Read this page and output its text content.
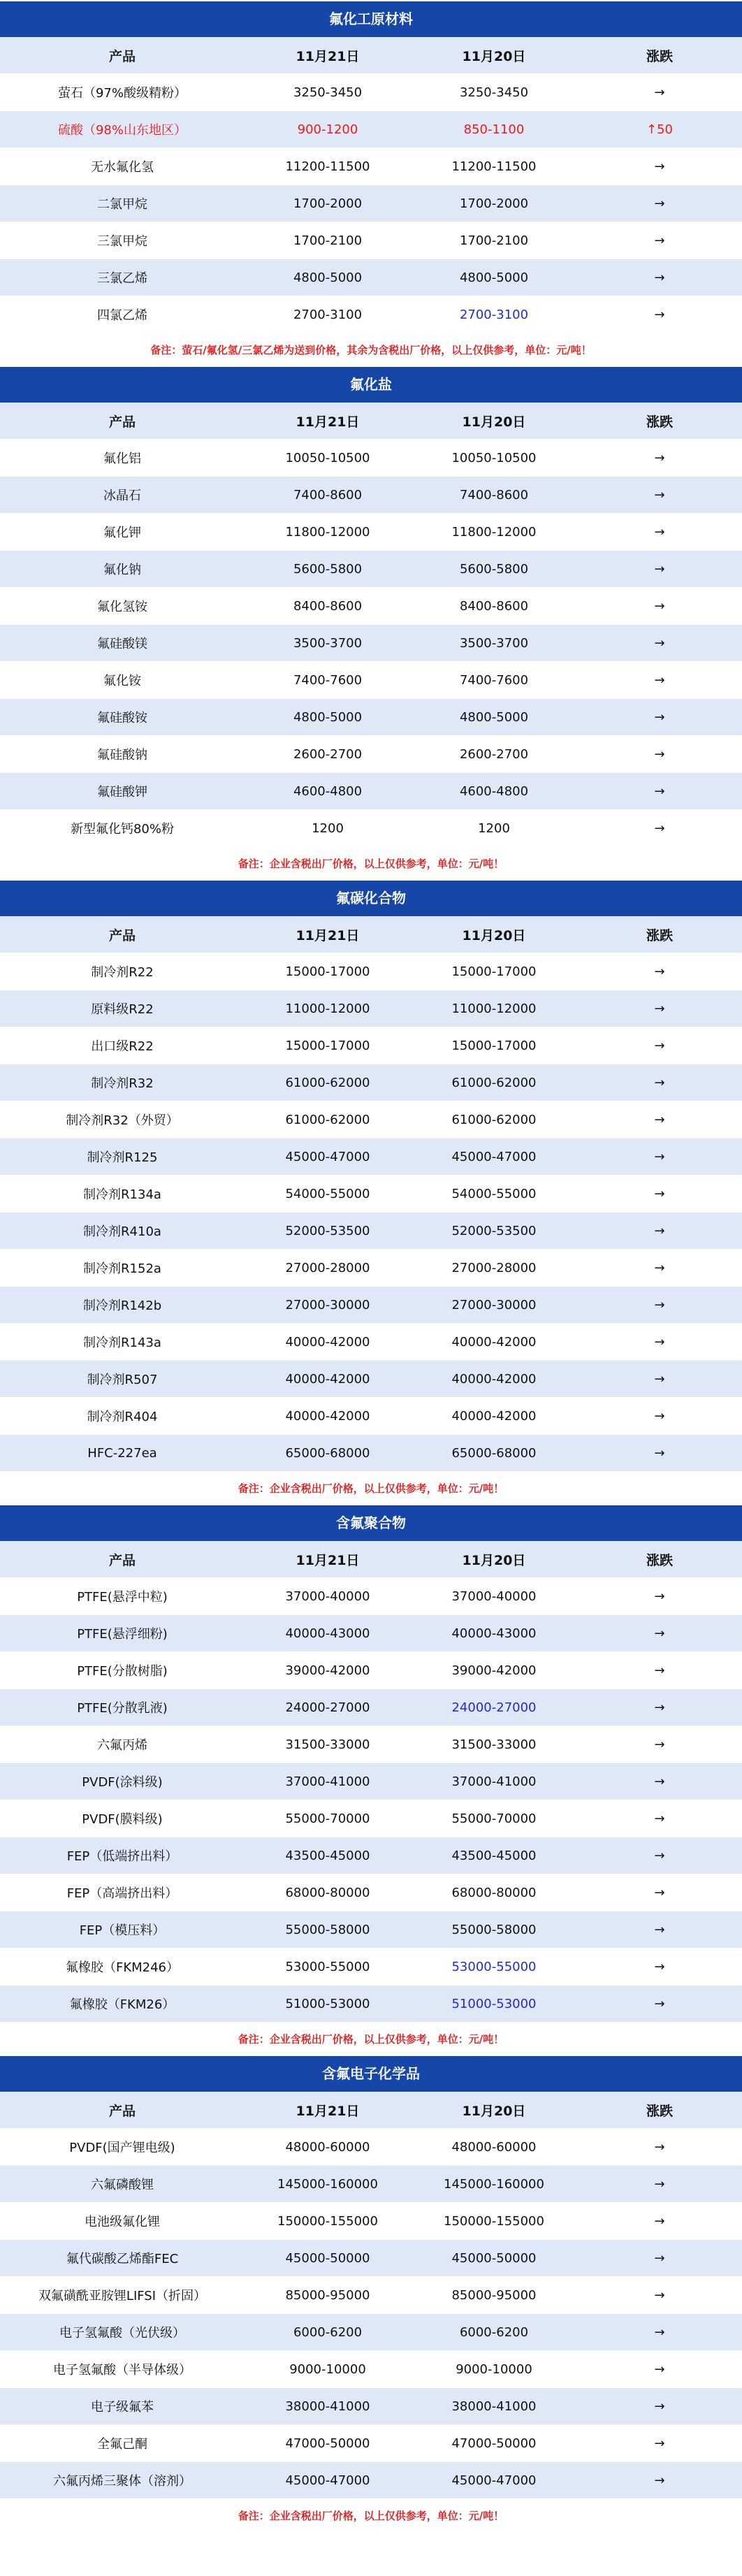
氟化工原材料
产品	11月21日	11月20日	涨跌
萤石（97%酸级精粉）	3250-3450	3250-3450	→
硫酸（98%山东地区）	900-1200	850-1100	↑50
无水氟化氢	11200-11500	11200-11500	→
二氯甲烷	1700-2000	1700-2000	→
三氯甲烷	1700-2100	1700-2100	→
三氯乙烯	4800-5000	4800-5000	→
四氯乙烯	2700-3100	2700-3100	→
备注：萤石/氟化氢/三氯乙烯为送到价格，其余为含税出厂价格，以上仅供参考，单位：元/吨！
氟化盐
产品	11月21日	11月20日	涨跌
氟化铝	10050-10500	10050-10500	→
冰晶石	7400-8600	7400-8600	→
氟化钾	11800-12000	11800-12000	→
氟化钠	5600-5800	5600-5800	→
氟化氢铵	8400-8600	8400-8600	→
氟硅酸镁	3500-3700	3500-3700	→
氟化铵	7400-7600	7400-7600	→
氟硅酸铵	4800-5000	4800-5000	→
氟硅酸钠	2600-2700	2600-2700	→
氟硅酸钾	4600-4800	4600-4800	→
新型氟化钙80%粉	1200	1200	→
备注：企业含税出厂价格，以上仅供参考，单位：元/吨！
氟碳化合物
产品	11月21日	11月20日	涨跌
制冷剂R22	15000-17000	15000-17000	→
原料级R22	11000-12000	11000-12000	→
出口级R22	15000-17000	15000-17000	→
制冷剂R32	61000-62000	61000-62000	→
制冷剂R32（外贸）	61000-62000	61000-62000	→
制冷剂R125	45000-47000	45000-47000	→
制冷剂R134a	54000-55000	54000-55000	→
制冷剂R410a	52000-53500	52000-53500	→
制冷剂R152a	27000-28000	27000-28000	→
制冷剂R142b	27000-30000	27000-30000	→
制冷剂R143a	40000-42000	40000-42000	→
制冷剂R507	40000-42000	40000-42000	→
制冷剂R404	40000-42000	40000-42000	→
HFC-227ea	65000-68000	65000-68000	→
备注：企业含税出厂价格，以上仅供参考，单位：元/吨！
含氟聚合物
产品	11月21日	11月20日	涨跌
PTFE(悬浮中粒)	37000-40000	37000-40000	→
PTFE(悬浮细粉)	40000-43000	40000-43000	→
PTFE(分散树脂)	39000-42000	39000-42000	→
PTFE(分散乳液)	24000-27000	24000-27000	→
六氟丙烯	31500-33000	31500-33000	→
PVDF(涂料级)	37000-41000	37000-41000	→
PVDF(膜料级)	55000-70000	55000-70000	→
FEP（低端挤出料）	43500-45000	43500-45000	→
FEP（高端挤出料）	68000-80000	68000-80000	→
FEP（模压料）	55000-58000	55000-58000	→
氟橡胶（FKM246）	53000-55000	53000-55000	→
氟橡胶（FKM26）	51000-53000	51000-53000	→
备注：企业含税出厂价格，以上仅供参考，单位：元/吨！
含氟电子化学品
产品	11月21日	11月20日	涨跌
PVDF(国产锂电级)	48000-60000	48000-60000	→
六氟磷酸锂	145000-160000	145000-160000	→
电池级氟化锂	150000-155000	150000-155000	→
氟代碳酸乙烯酯FEC	45000-50000	45000-50000	→
双氟磺酰亚胺锂LIFSI（折固）	85000-95000	85000-95000	→
电子氢氟酸（光伏级）	6000-6200	6000-6200	→
电子氢氟酸（半导体级）	9000-10000	9000-10000	→
电子级氟苯	38000-41000	38000-41000	→
全氟己酮	47000-50000	47000-50000	→
六氟丙烯三聚体（溶剂）	45000-47000	45000-47000	→
备注：企业含税出厂价格，以上仅供参考，单位：元/吨！
